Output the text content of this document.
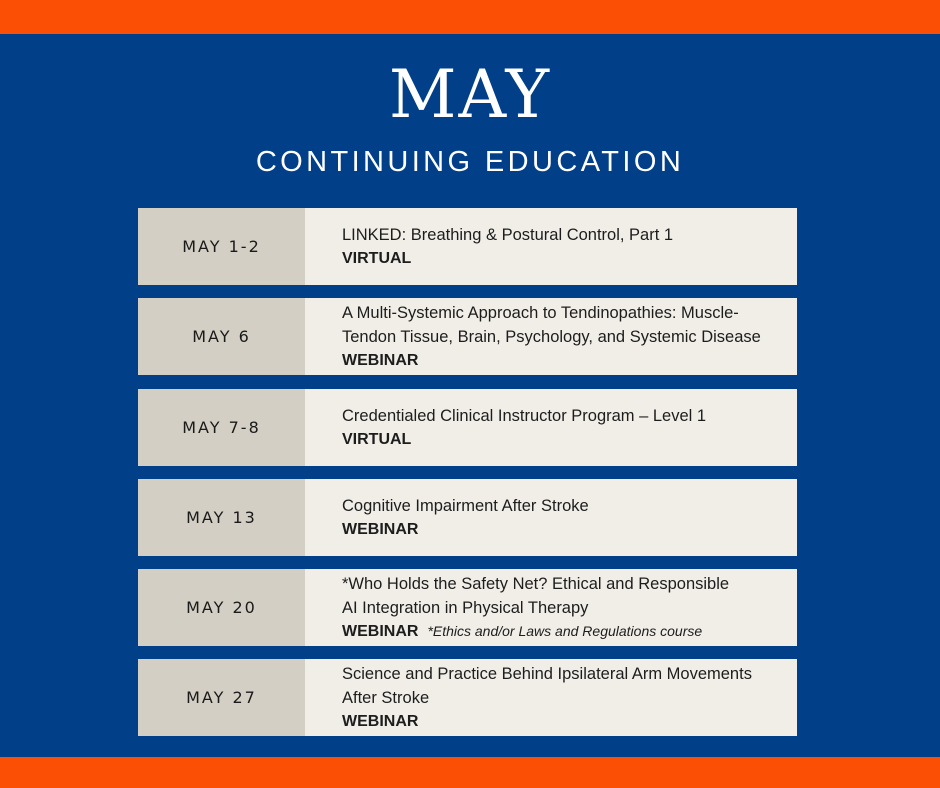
MAY
CONTINUING EDUCATION
MAY 1-2
LINKED: Breathing & Postural Control, Part 1
VIRTUAL
MAY 6
A Multi-Systemic Approach to Tendinopathies: Muscle-
Tendon Tissue, Brain, Psychology, and Systemic Disease
WEBINAR
MAY 7-8
Credentialed Clinical Instructor Program – Level 1
VIRTUAL
MAY 13
Cognitive Impairment After Stroke
WEBINAR
MAY 20
*Who Holds the Safety Net? Ethical and Responsible
AI Integration in Physical Therapy
WEBINAR *Ethics and/or Laws and Regulations course
MAY 27
Science and Practice Behind Ipsilateral Arm Movements
After Stroke
WEBINAR
